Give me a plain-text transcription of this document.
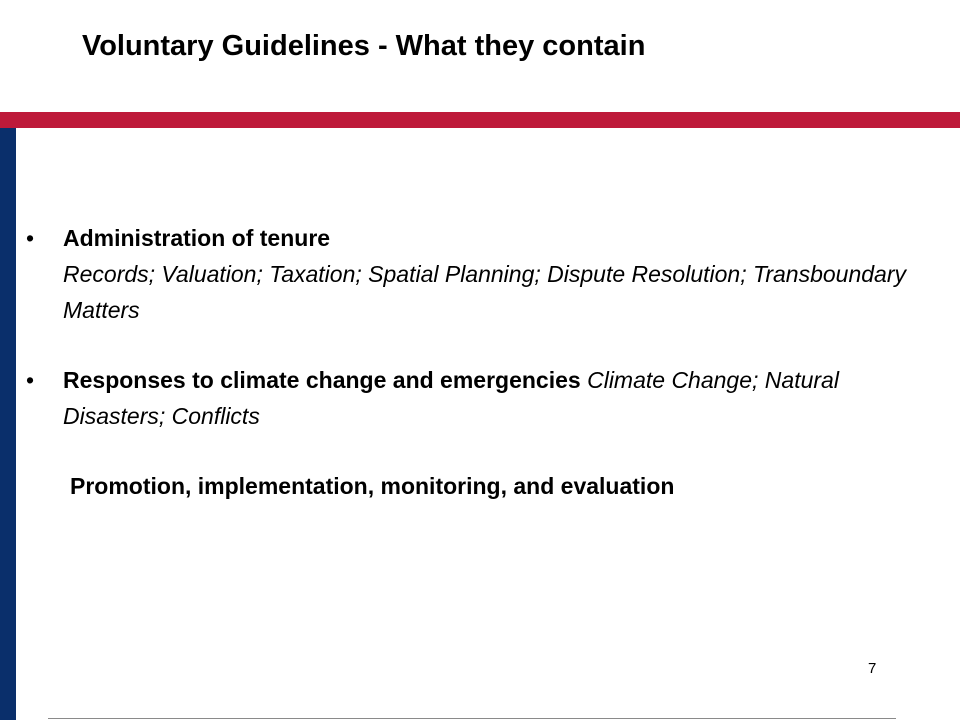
Voluntary Guidelines - What they contain
• Administration of tenure
Records; Valuation; Taxation; Spatial Planning; Dispute Resolution; Transboundary Matters
• Responses to climate change and emergencies Climate Change; Natural Disasters; Conflicts
Promotion, implementation, monitoring, and evaluation
7
